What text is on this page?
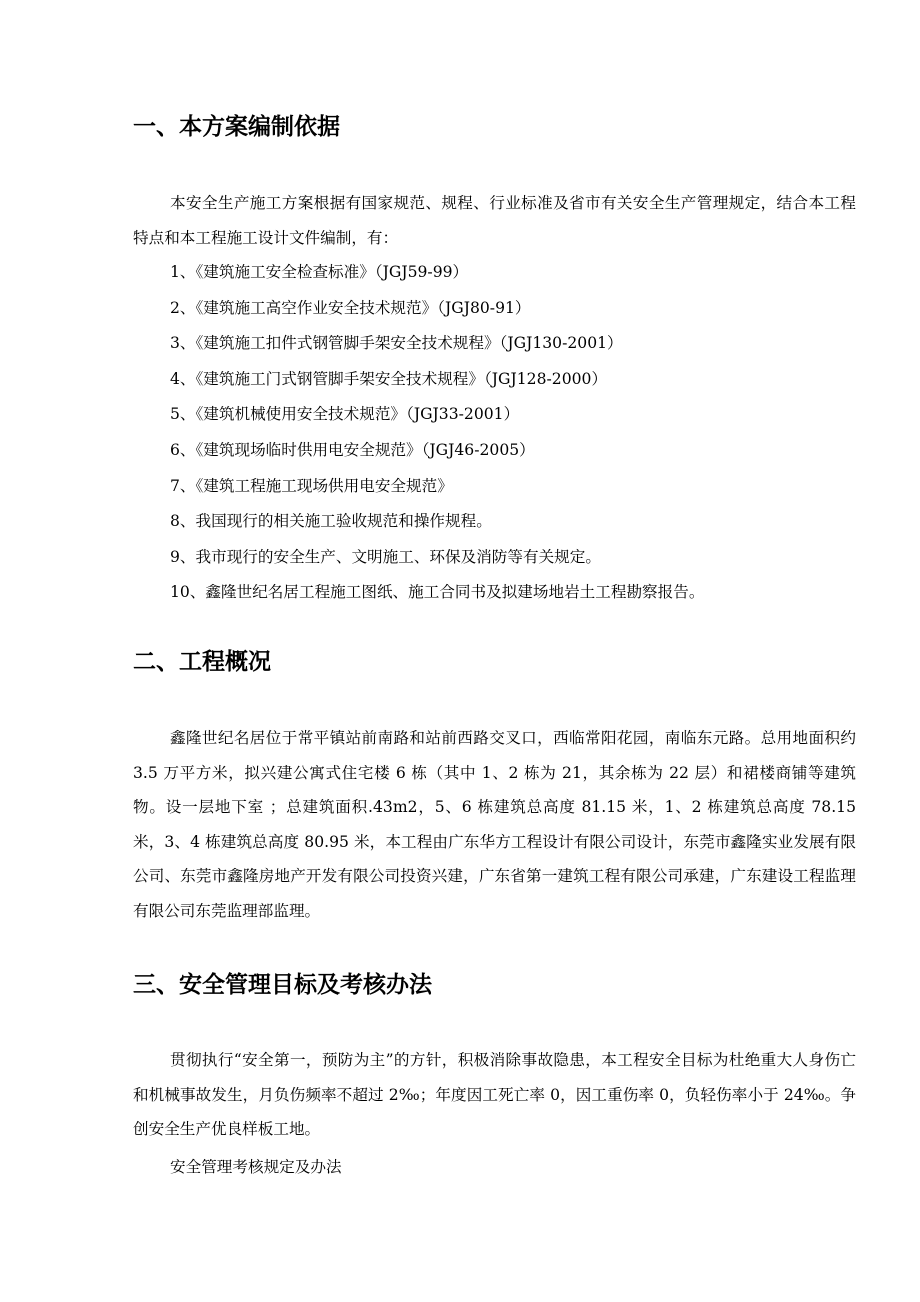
一、本方案编制依据

本安全生产施工方案根据有国家规范、规程、行业标准及省市有关安全生产管理规定，结合本工程特点和本工程施工设计文件编制，有：

1、《建筑施工安全检查标准》（JGJ59-99）
2、《建筑施工高空作业安全技术规范》（JGJ80-91）
3、《建筑施工扣件式钢管脚手架安全技术规程》（JGJ130-2001）
4、《建筑施工门式钢管脚手架安全技术规程》（JGJ128-2000）
5、《建筑机械使用安全技术规范》（JGJ33-2001）
6、《建筑现场临时供用电安全规范》（JGJ46-2005）
7、《建筑工程施工现场供用电安全规范》
8、我国现行的相关施工验收规范和操作规程。
9、我市现行的安全生产、文明施工、环保及消防等有关规定。
10、鑫隆世纪名居工程施工图纸、施工合同书及拟建场地岩土工程勘察报告。
二、工程概况

鑫隆世纪名居位于常平镇站前南路和站前西路交叉口，西临常阳花园，南临东元路。总用地面积约 3.5 万平方米，拟兴建公寓式住宅楼 6 栋（其中 1、2 栋为 21，其余栋为 22 层）和裙楼商铺等建筑物。设一层地下室 ；总建筑面积.43m2，5、6 栋建筑总高度 81.15 米，1、2 栋建筑总高度 78.15 米，3、4 栋建筑总高度 80.95 米，本工程由广东华方工程设计有限公司设计，东莞市鑫隆实业发展有限公司、东莞市鑫隆房地产开发有限公司投资兴建，广东省第一建筑工程有限公司承建，广东建设工程监理有限公司东莞监理部监理。

三、安全管理目标及考核办法

贯彻执行“安全第一，预防为主”的方针，积极消除事故隐患，本工程安全目标为杜绝重大人身伤亡和机械事故发生，月负伤频率不超过 2‰；年度因工死亡率 0，因工重伤率 0，负轻伤率小于 24‰。争创安全生产优良样板工地。

安全管理考核规定及办法
